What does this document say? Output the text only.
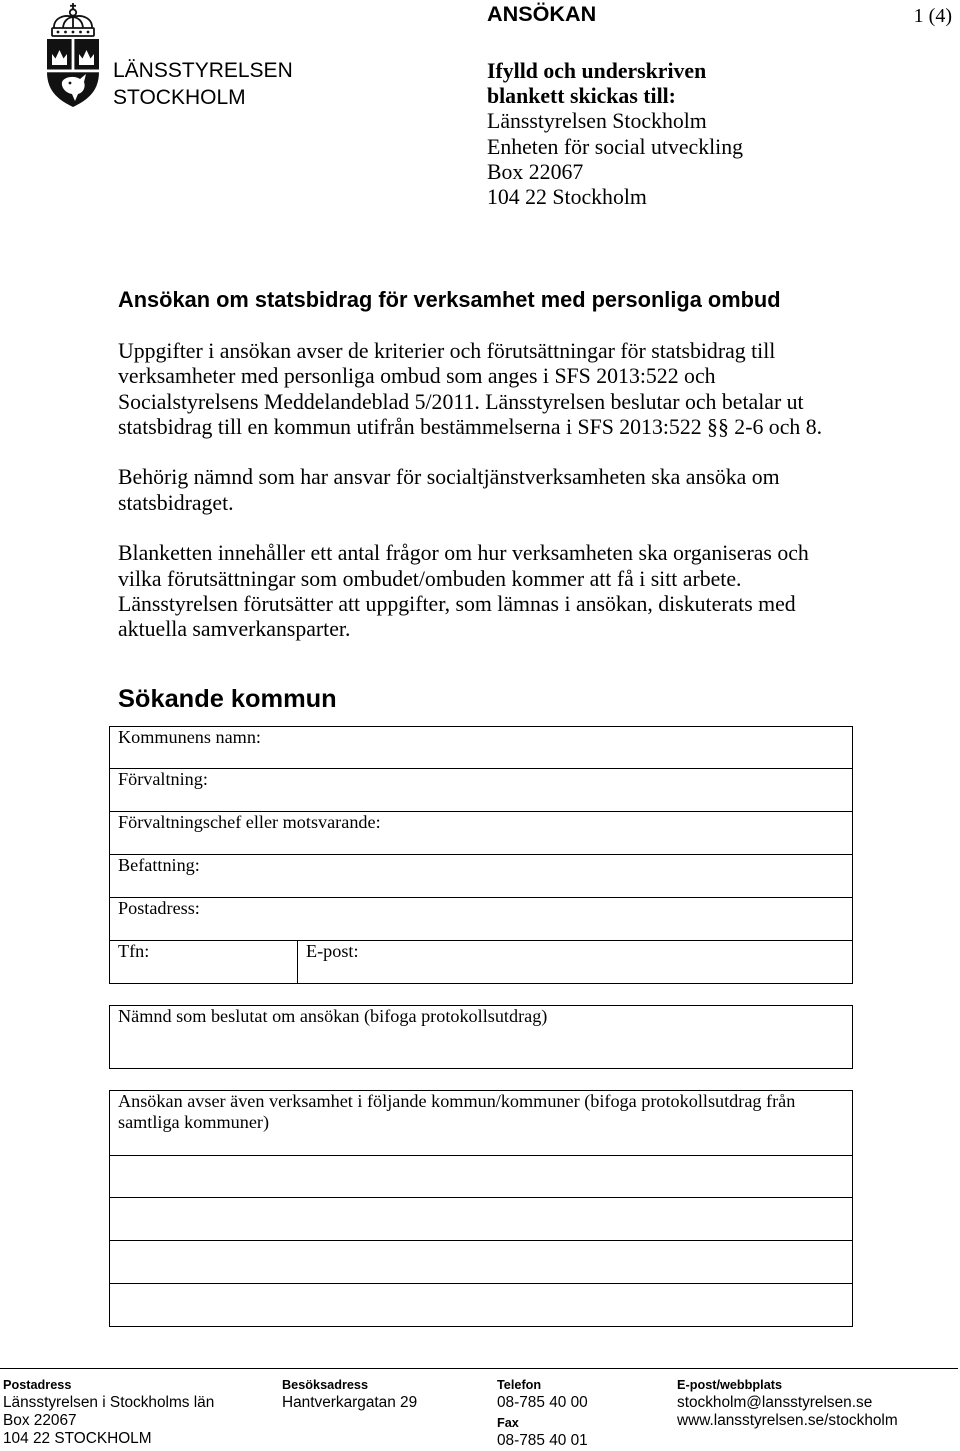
LÄNSSTYRELSEN
STOCKHOLM
ANSÖKAN	1 (4)
Ifylld och underskriven
blankett skickas till:
Länsstyrelsen Stockholm
Enheten för social utveckling
Box 22067
104 22 Stockholm
Ansökan om statsbidrag för verksamhet med personliga ombud

Uppgifter i ansökan avser de kriterier och förutsättningar för statsbidrag till
verksamheter med personliga ombud som anges i SFS 2013:522 och
Socialstyrelsens Meddelandeblad 5/2011. Länsstyrelsen beslutar och betalar ut
statsbidrag till en kommun utifrån bestämmelserna i SFS 2013:522 §§ 2-6 och 8.

Behörig nämnd som har ansvar för socialtjänstverksamheten ska ansöka om
statsbidraget.

Blanketten innehåller ett antal frågor om hur verksamheten ska organiseras och
vilka förutsättningar som ombudet/ombuden kommer att få i sitt arbete.
Länsstyrelsen förutsätter att uppgifter, som lämnas i ansökan, diskuterats med
aktuella samverkansparter.

Sökande kommun
Kommunens namn:
Förvaltning:
Förvaltningschef eller motsvarande:
Befattning:
Postadress:
Tfn:	E-post:
Nämnd som beslutat om ansökan (bifoga protokollsutdrag)
Ansökan avser även verksamhet i följande kommun/kommuner (bifoga protokollsutdrag från
samtliga kommuner)
Postadress
Länsstyrelsen i Stockholms län
Box 22067
104 22 STOCKHOLM
Besöksadress
Hantverkargatan 29
Telefon
08-785 40 00
Fax
08-785 40 01
E-post/webbplats
stockholm@lansstyrelsen.se
www.lansstyrelsen.se/stockholm
